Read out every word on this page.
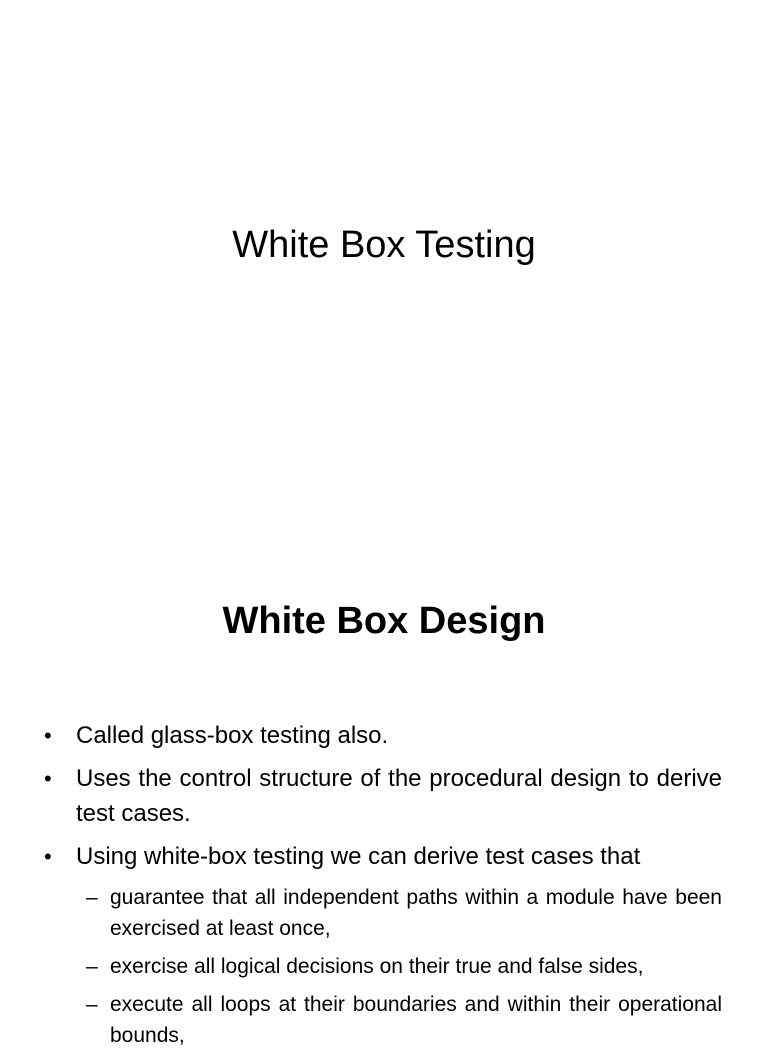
White Box Testing
White Box Design
• Called glass-box testing also.
• Uses the control structure of the procedural design to derive test cases.
• Using white-box testing we can derive test cases that
– guarantee that all independent paths within a module have been exercised at least once,
– exercise all logical decisions on their true and false sides,
– execute all loops at their boundaries and within their operational bounds,
